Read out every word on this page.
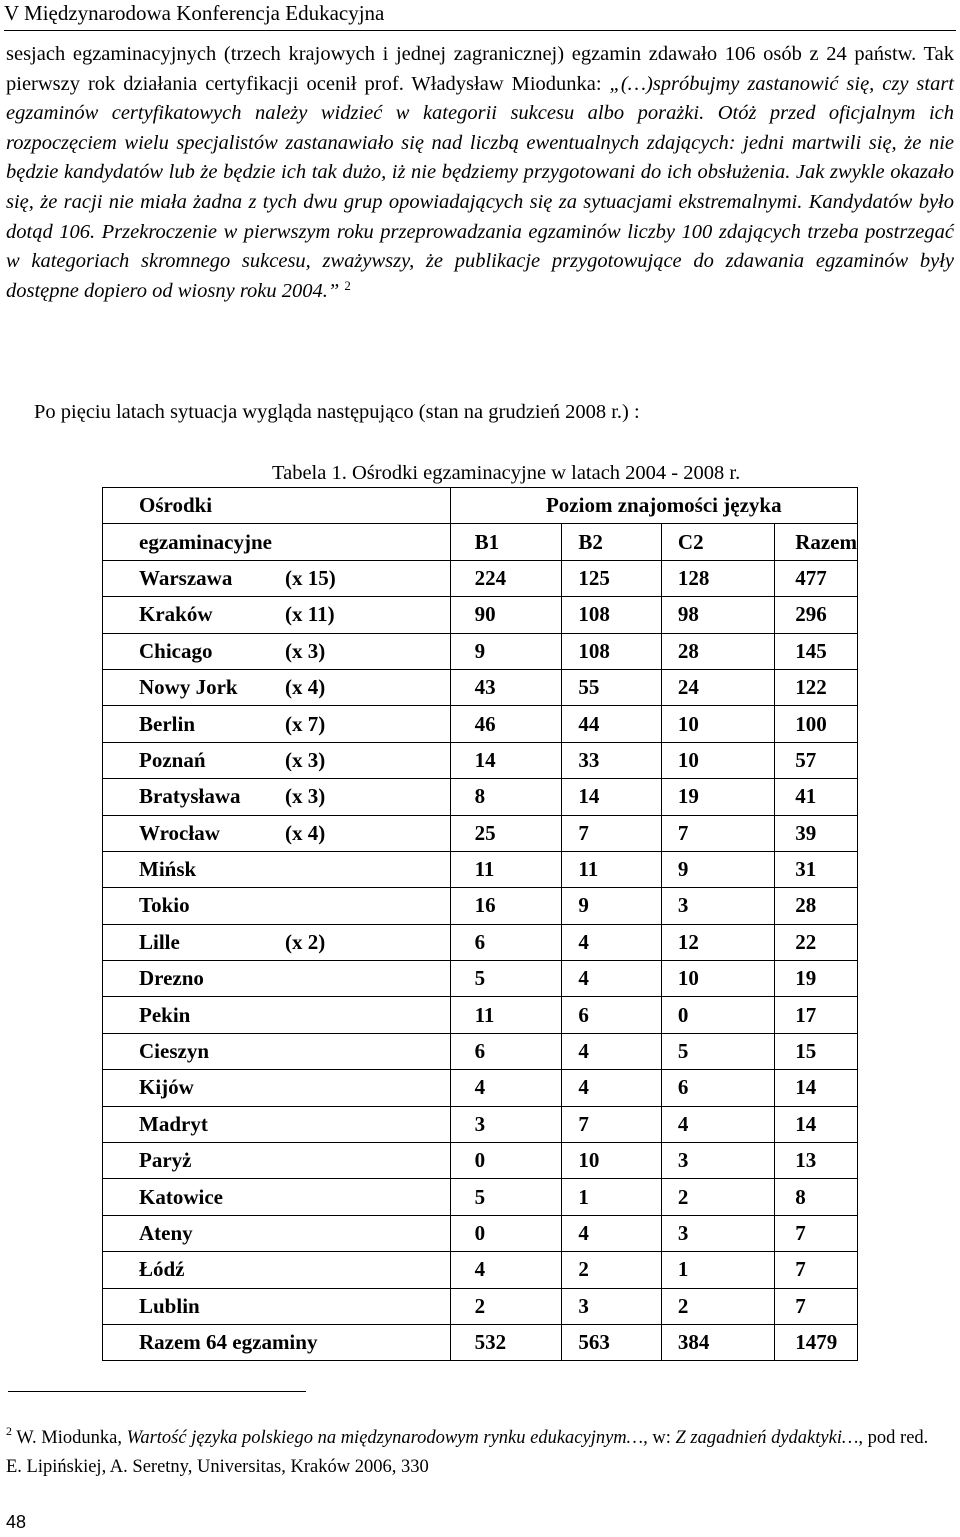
V Międzynarodowa Konferencja Edukacyjna

sesjach egzaminacyjnych (trzech krajowych i jednej zagranicznej) egzamin zdawało 106 osób z 24 państw. Tak pierwszy rok działania certyfikacji ocenił prof. Władysław Miodunka: „(…)spróbujmy zastanowić się, czy start egzaminów certyfikatowych należy widzieć w kategorii sukcesu albo porażki. Otóż przed oficjalnym ich rozpoczęciem wielu specjalistów zastanawiało się nad liczbą ewentualnych zdających: jedni martwili się, że nie będzie kandydatów lub że będzie ich tak dużo, iż nie będziemy przygotowani do ich obsłużenia. Jak zwykle okazało się, że racji nie miała żadna z tych dwu grup opowiadających się za sytuacjami ekstremalnymi. Kandydatów było dotąd 106. Przekroczenie w pierwszym roku przeprowadzania egzaminów liczby 100 zdających trzeba postrzegać w kategoriach skromnego sukcesu, zważywszy, że publikacje przygotowujące do zdawania egzaminów były dostępne dopiero od wiosny roku 2004.” $^2$

Po pięciu latach sytuacja wygląda następująco (stan na grudzień 2008 r.) :
Tabela 1. Ośrodki egzaminacyjne w latach 2004 - 2008 r.
Ośrodki	Poziom znajomości języka			
egzaminacyjne	B1	B2	C2	Razem
Warszawa (x 15)	224	125	128	477
Kraków (x 11)	90	108	98	296
Chicago (x 3)	9	108	28	145
Nowy Jork (x 4)	43	55	24	122
Berlin (x 7)	46	44	10	100
Poznań (x 3)	14	33	10	57
Bratysława (x 3)	8	14	19	41
Wrocław (x 4)	25	7	7	39
Mińsk	11	11	9	31
Tokio	16	9	3	28
Lille (x 2)	6	4	12	22
Drezno	5	4	10	19
Pekin	11	6	0	17
Cieszyn	6	4	5	15
Kijów	4	4	6	14
Madryt	3	7	4	14
Paryż	0	10	3	13
Katowice	5	1	2	8
Ateny	0	4	3	7
Łódź	4	2	1	7
Lublin	2	3	2	7
Razem 64 egzaminy	532	563	384	1479
$^2$ W. Miodunka, Wartość języka polskiego na międzynarodowym rynku edukacyjnym…, w: Z zagadnień dydaktyki…, pod red. E. Lipińskiej, A. Seretny, Universitas, Kraków 2006, 330
48
